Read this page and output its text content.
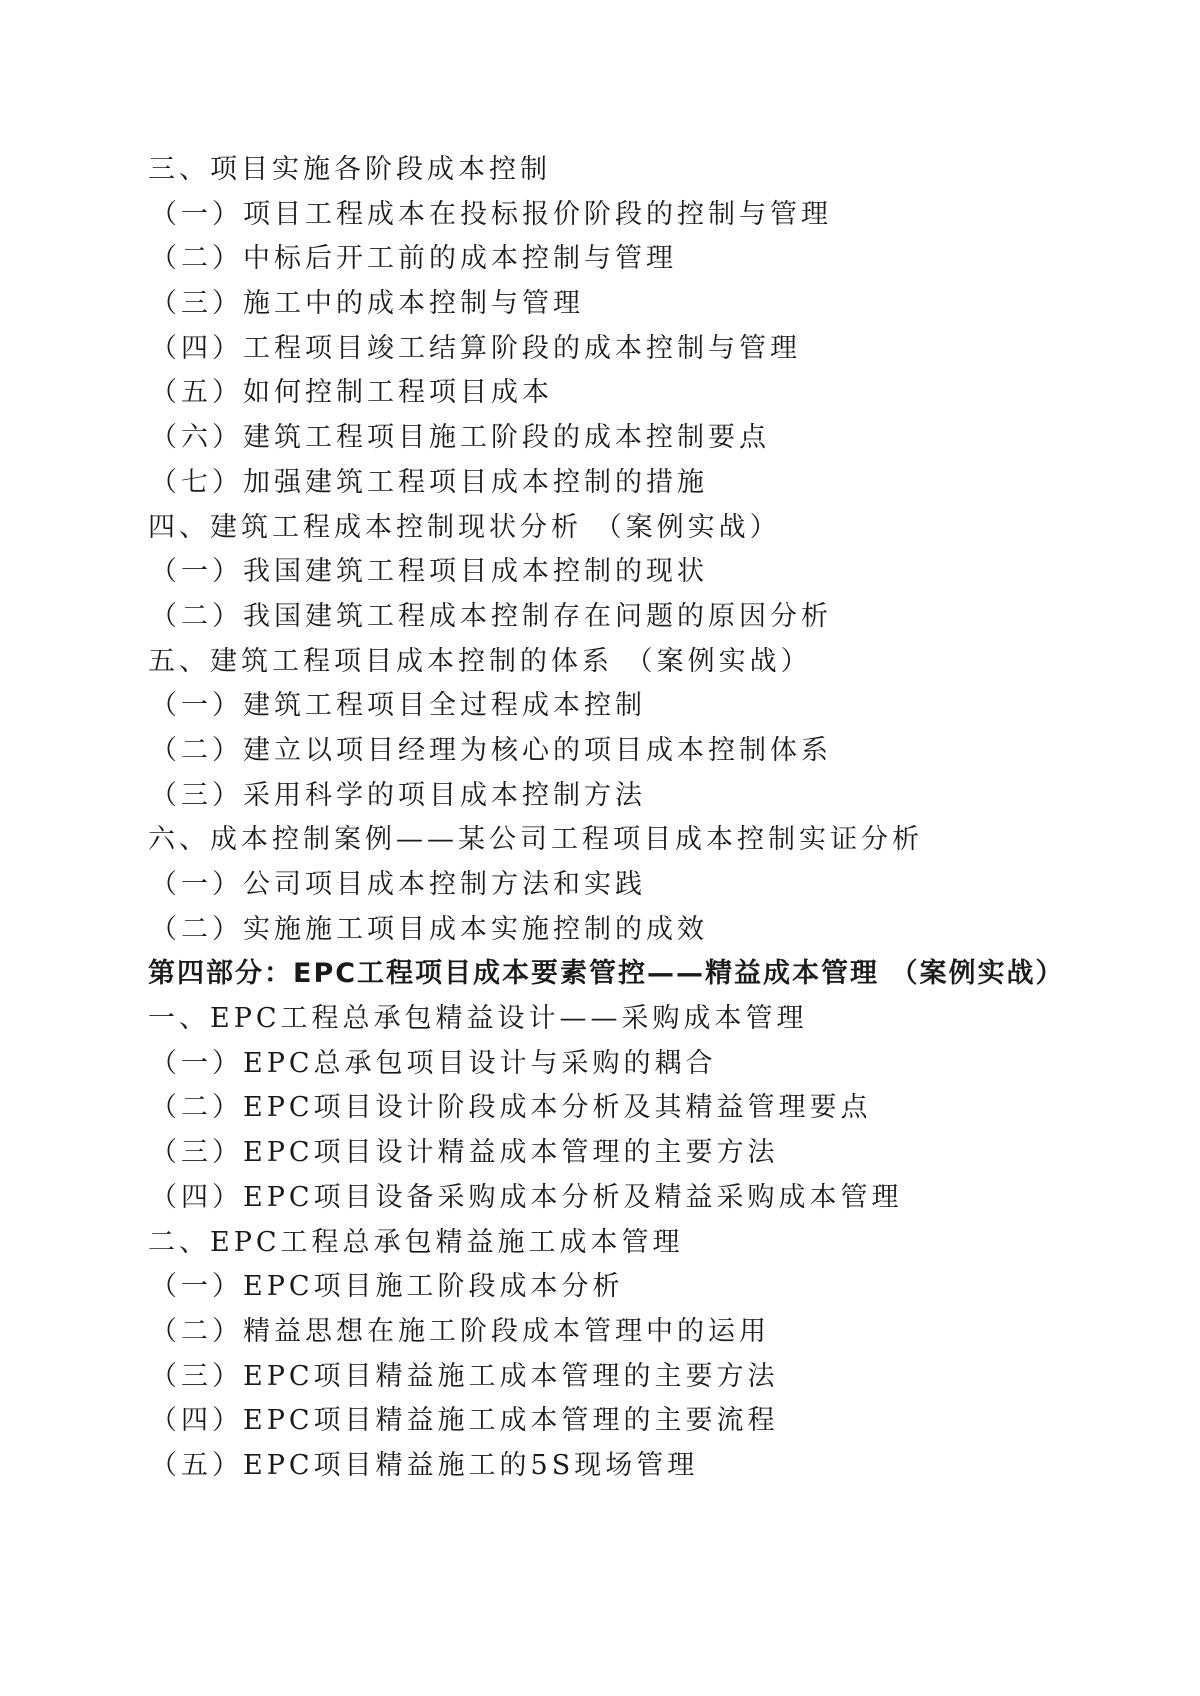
三、项目实施各阶段成本控制
（一）项目工程成本在投标报价阶段的控制与管理
（二）中标后开工前的成本控制与管理
（三）施工中的成本控制与管理
（四）工程项目竣工结算阶段的成本控制与管理
（五）如何控制工程项目成本
（六）建筑工程项目施工阶段的成本控制要点
（七）加强建筑工程项目成本控制的措施
四、建筑工程成本控制现状分析 （案例实战）
（一）我国建筑工程项目成本控制的现状
（二）我国建筑工程成本控制存在问题的原因分析
五、建筑工程项目成本控制的体系 （案例实战）
（一）建筑工程项目全过程成本控制
（二）建立以项目经理为核心的项目成本控制体系
（三）采用科学的项目成本控制方法
六、成本控制案例——某公司工程项目成本控制实证分析
（一）公司项目成本控制方法和实践
（二）实施施工项目成本实施控制的成效
第四部分：EPC工程项目成本要素管控——精益成本管理 （案例实战）
一、EPC工程总承包精益设计——采购成本管理
（一）EPC总承包项目设计与采购的耦合
（二）EPC项目设计阶段成本分析及其精益管理要点
（三）EPC项目设计精益成本管理的主要方法
（四）EPC项目设备采购成本分析及精益采购成本管理
二、EPC工程总承包精益施工成本管理
（一）EPC项目施工阶段成本分析
（二）精益思想在施工阶段成本管理中的运用
（三）EPC项目精益施工成本管理的主要方法
（四）EPC项目精益施工成本管理的主要流程
（五）EPC项目精益施工的5S现场管理
